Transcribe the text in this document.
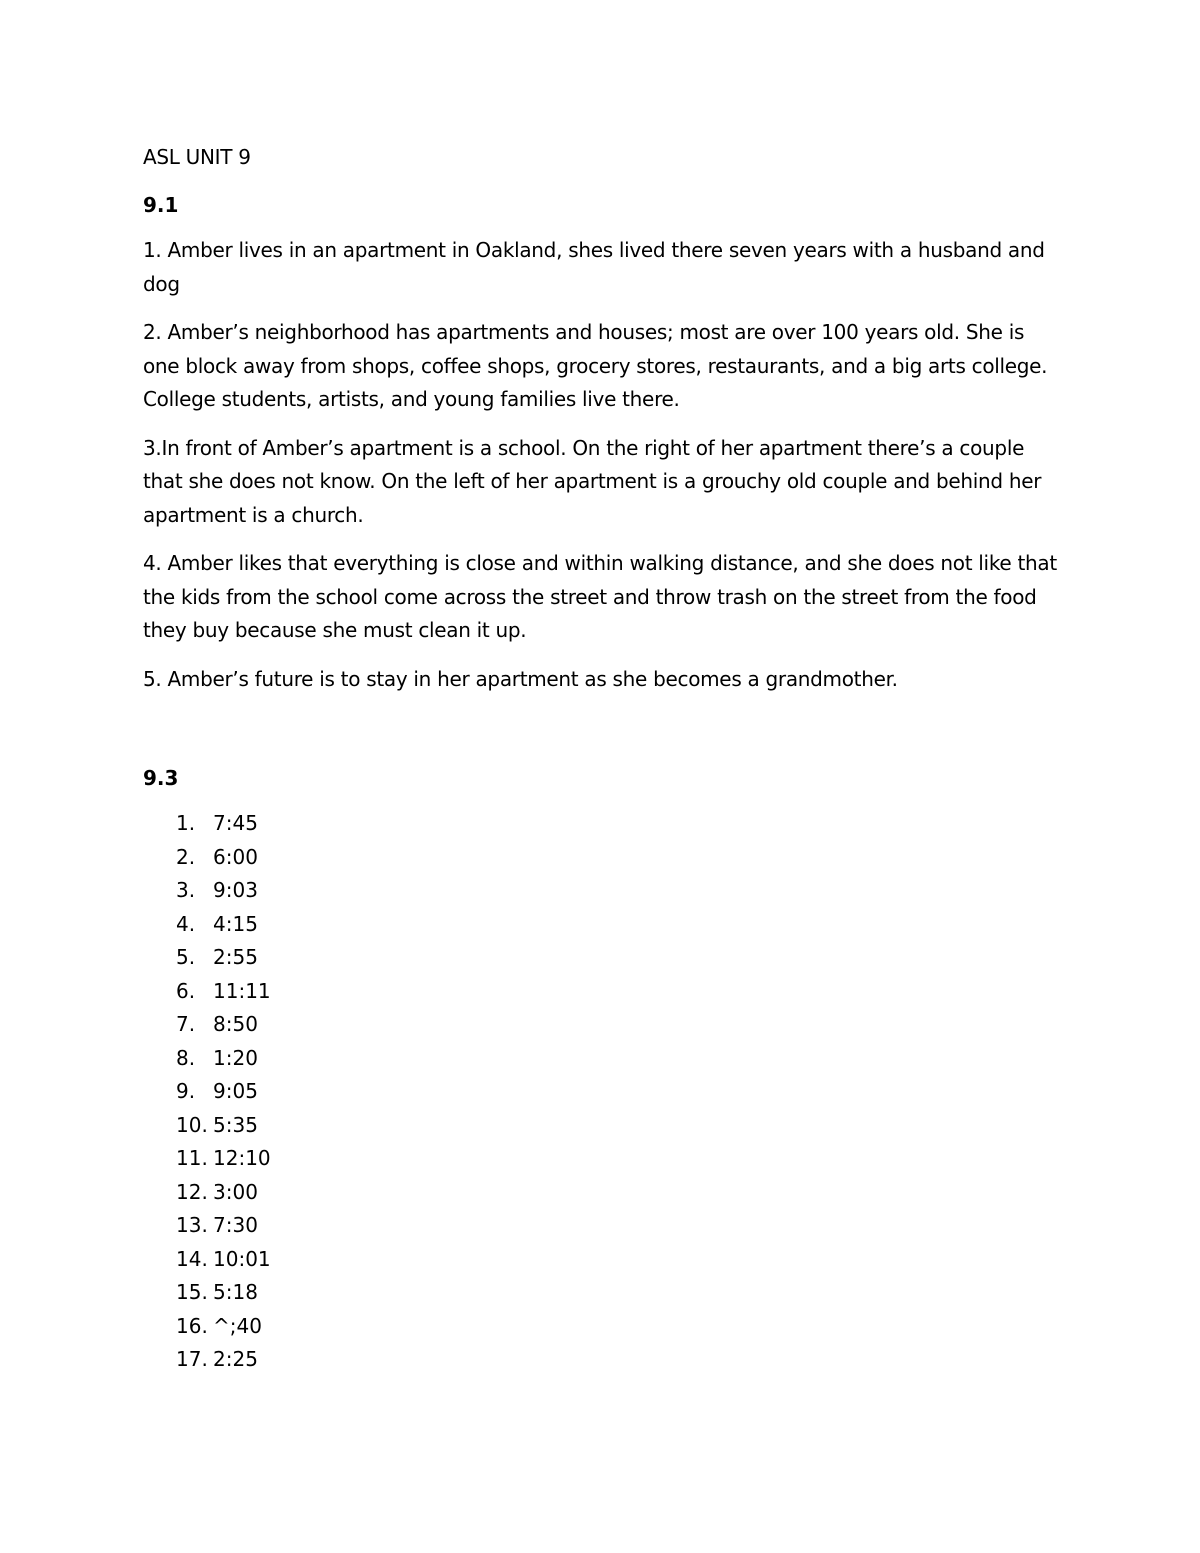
ASL UNIT 9
9.1

1. Amber lives in an apartment in Oakland, shes lived there seven years with a husband and dog

2. Amber’s neighborhood has apartments and houses; most are over 100 years old. She is one block away from shops, coffee shops, grocery stores, restaurants, and a big arts college. College students, artists, and young families live there.

3.In front of Amber’s apartment is a school. On the right of her apartment there’s a couple that she does not know. On the left of her apartment is a grouchy old couple and behind her apartment is a church.

4. Amber likes that everything is close and within walking distance, and she does not like that the kids from the school come across the street and throw trash on the street from the food they buy because she must clean it up.

5. Amber’s future is to stay in her apartment as she becomes a grandmother.

9.3
1. 7:45
2. 6:00
3. 9:03
4. 4:15
5. 2:55
6. 11:11
7. 8:50
8. 1:20
9. 9:05
10. 5:35
11. 12:10
12. 3:00
13. 7:30
14. 10:01
15. 5:18
16. ^;40
17. 2:25
